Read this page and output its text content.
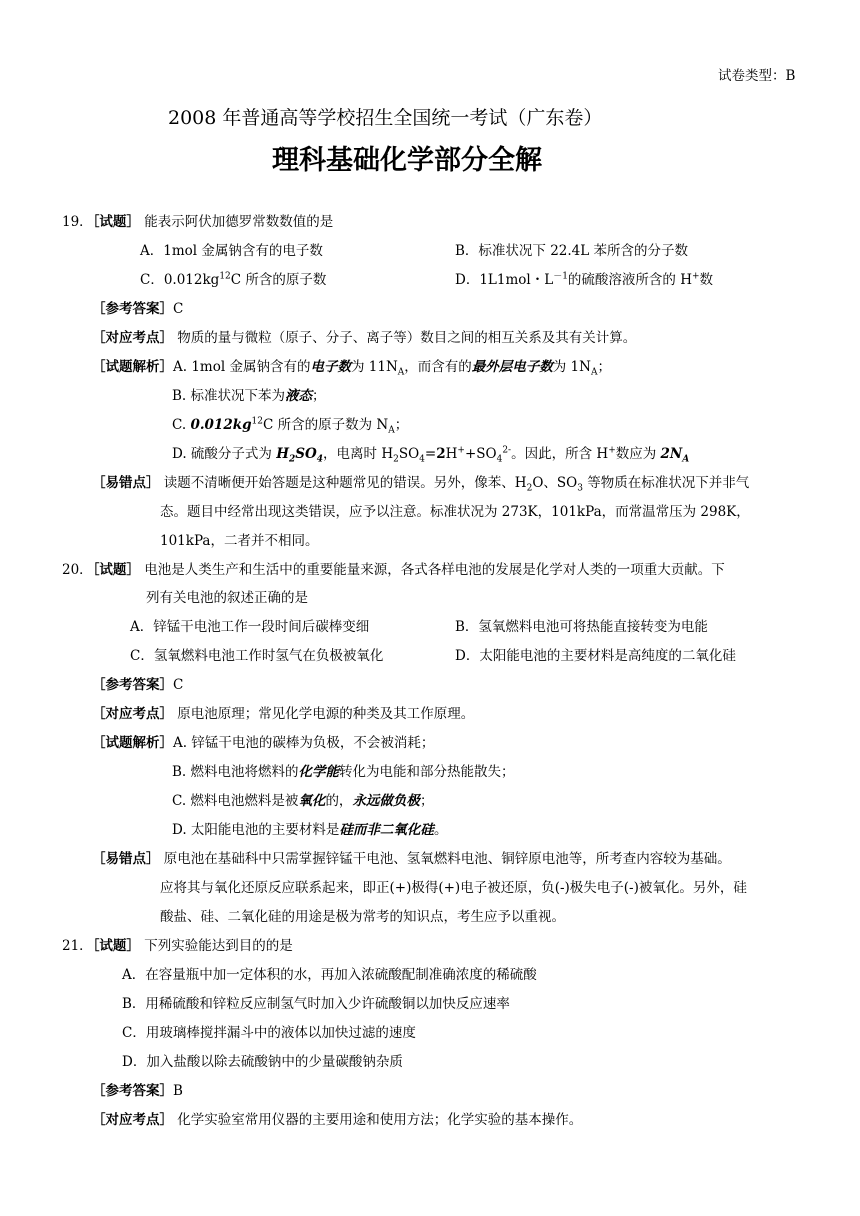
试卷类型：B
2008 年普通高等学校招生全国统一考试（广东卷）
理科基础化学部分全解
19．［试题］ 能表示阿伏加德罗常数数值的是
A．1mol 金属钠含有的电子数	B．标准状况下 22.4L 苯所含的分子数
C．$0.012kg^{12}C$ 所含的原子数	D．1L1mol・$L^{-1}$的硫酸溶液所含的 H+数
［参考答案］C
［对应考点］ 物质的量与微粒（原子、分子、离子等）数目之间的相互关系及其有关计算。
［试题解析］A. 1mol 金属钠含有的电子数为 $11N_A$，而含有的最外层电子数为 $1N_A$；
B. 标准状况下苯为液态；
C. $0.012kg^{12}C$ 所含的原子数为 $N_A$；
D. 硫酸分子式为 $H_2SO_4$，电离时 $H_2SO_4=2H^++SO_4^{2-}$。因此，所含 H+数应为 $2N_A$
［易错点］ 读题不清晰便开始答题是这种题常见的错误。另外，像苯、$H_2O$、$SO_3$ 等物质在标准状况下并非气
态。题目中经常出现这类错误，应予以注意。标准状况为 273K，101kPa，而常温常压为 298K，
101kPa，二者并不相同。
20．［试题］ 电池是人类生产和生活中的重要能量来源，各式各样电池的发展是化学对人类的一项重大贡献。下
列有关电池的叙述正确的是
A．锌锰干电池工作一段时间后碳棒变细	B．氢氧燃料电池可将热能直接转变为电能
C．氢氧燃料电池工作时氢气在负极被氧化	D．太阳能电池的主要材料是高纯度的二氧化硅
［参考答案］C
［对应考点］ 原电池原理；常见化学电源的种类及其工作原理。
［试题解析］A. 锌锰干电池的碳棒为负极，不会被消耗；
B. 燃料电池将燃料的化学能转化为电能和部分热能散失；
C. 燃料电池燃料是被氧化的，永远做负极；
D. 太阳能电池的主要材料是硅而非二氧化硅。
［易错点］ 原电池在基础科中只需掌握锌锰干电池、氢氧燃料电池、铜锌原电池等，所考查内容较为基础。
应将其与氧化还原反应联系起来，即正(+)极得(+)电子被还原，负(-)极失电子(-)被氧化。另外，硅
酸盐、硅、二氧化硅的用途是极为常考的知识点，考生应予以重视。
21．［试题］ 下列实验能达到目的的是
A．在容量瓶中加一定体积的水，再加入浓硫酸配制准确浓度的稀硫酸
B．用稀硫酸和锌粒反应制氢气时加入少许硫酸铜以加快反应速率
C．用玻璃棒搅拌漏斗中的液体以加快过滤的速度
D．加入盐酸以除去硫酸钠中的少量碳酸钠杂质
［参考答案］B
［对应考点］ 化学实验室常用仪器的主要用途和使用方法；化学实验的基本操作。
